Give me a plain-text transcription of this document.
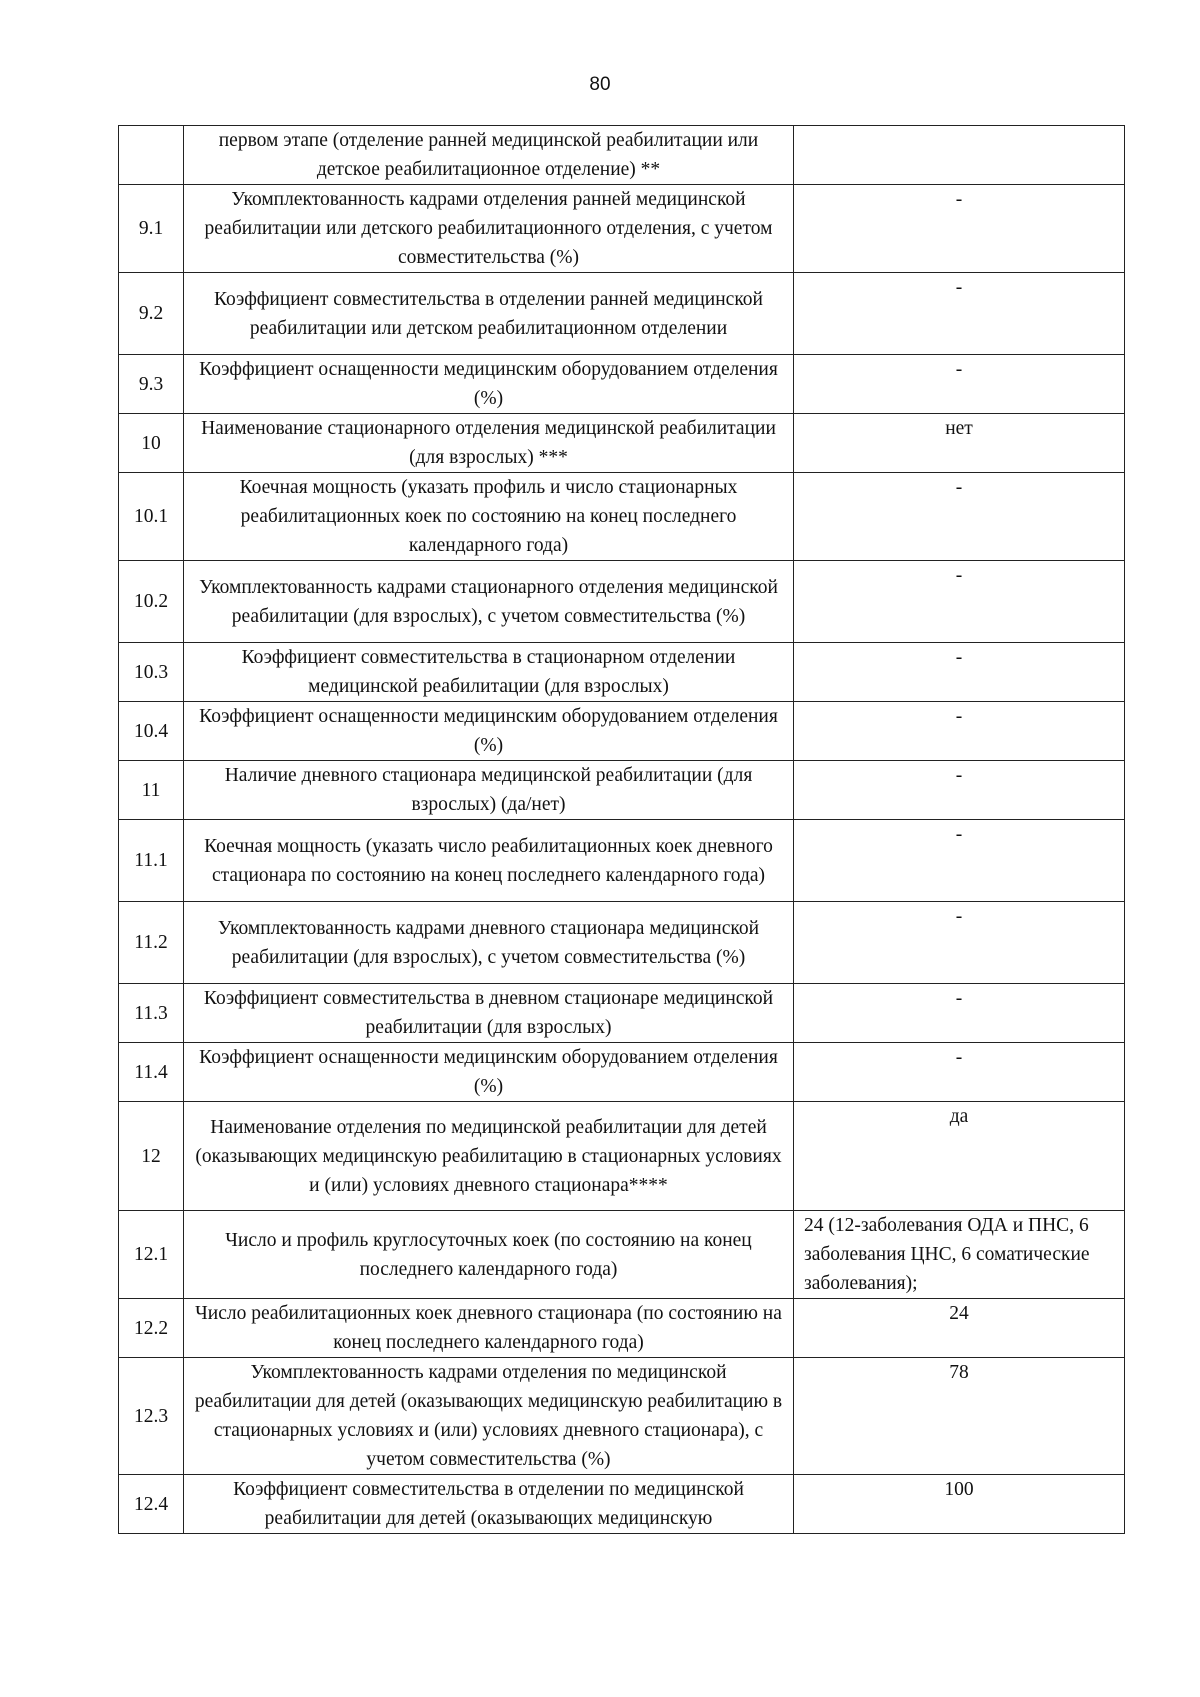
80
	первом этапе (отделение ранней медицинской реабилитации или детское реабилитационное отделение) **	
9.1	Укомплектованность кадрами отделения ранней медицинской реабилитации или детского реабилитационного отделения, с учетом совместительства (%)	-
9.2	Коэффициент совместительства в отделении ранней медицинской реабилитации или детском реабилитационном отделении	-
9.3	Коэффициент оснащенности медицинским оборудованием отделения (%)	-
10	Наименование стационарного отделения медицинской реабилитации (для взрослых) ***	нет
10.1	Коечная мощность (указать профиль и число стационарных реабилитационных коек по состоянию на конец последнего календарного года)	-
10.2	Укомплектованность кадрами стационарного отделения медицинской реабилитации (для взрослых), с учетом совместительства (%)	-
10.3	Коэффициент совместительства в стационарном отделении медицинской реабилитации (для взрослых)	-
10.4	Коэффициент оснащенности медицинским оборудованием отделения (%)	-
11	Наличие дневного стационара медицинской реабилитации (для взрослых) (да/нет)	-
11.1	Коечная мощность (указать число реабилитационных коек дневного стационара по состоянию на конец последнего календарного года)	-
11.2	Укомплектованность кадрами дневного стационара медицинской реабилитации (для взрослых), с учетом совместительства (%)	-
11.3	Коэффициент совместительства в дневном стационаре медицинской реабилитации (для взрослых)	-
11.4	Коэффициент оснащенности медицинским оборудованием отделения (%)	-
12	Наименование отделения по медицинской реабилитации для детей (оказывающих медицинскую реабилитацию в стационарных условиях и (или) условиях дневного стационара****	да
12.1	Число и профиль круглосуточных коек (по состоянию на конец последнего календарного года)	24 (12-заболевания ОДА и ПНС, 6 заболевания ЦНС, 6 соматические заболевания);
12.2	Число реабилитационных коек дневного стационара (по состоянию на конец последнего календарного года)	24
12.3	Укомплектованность кадрами отделения по медицинской реабилитации для детей (оказывающих медицинскую реабилитацию в стационарных условиях и (или) условиях дневного стационара), с учетом совместительства (%)	78
12.4	Коэффициент совместительства в отделении по медицинской реабилитации для детей (оказывающих медицинскую	100
